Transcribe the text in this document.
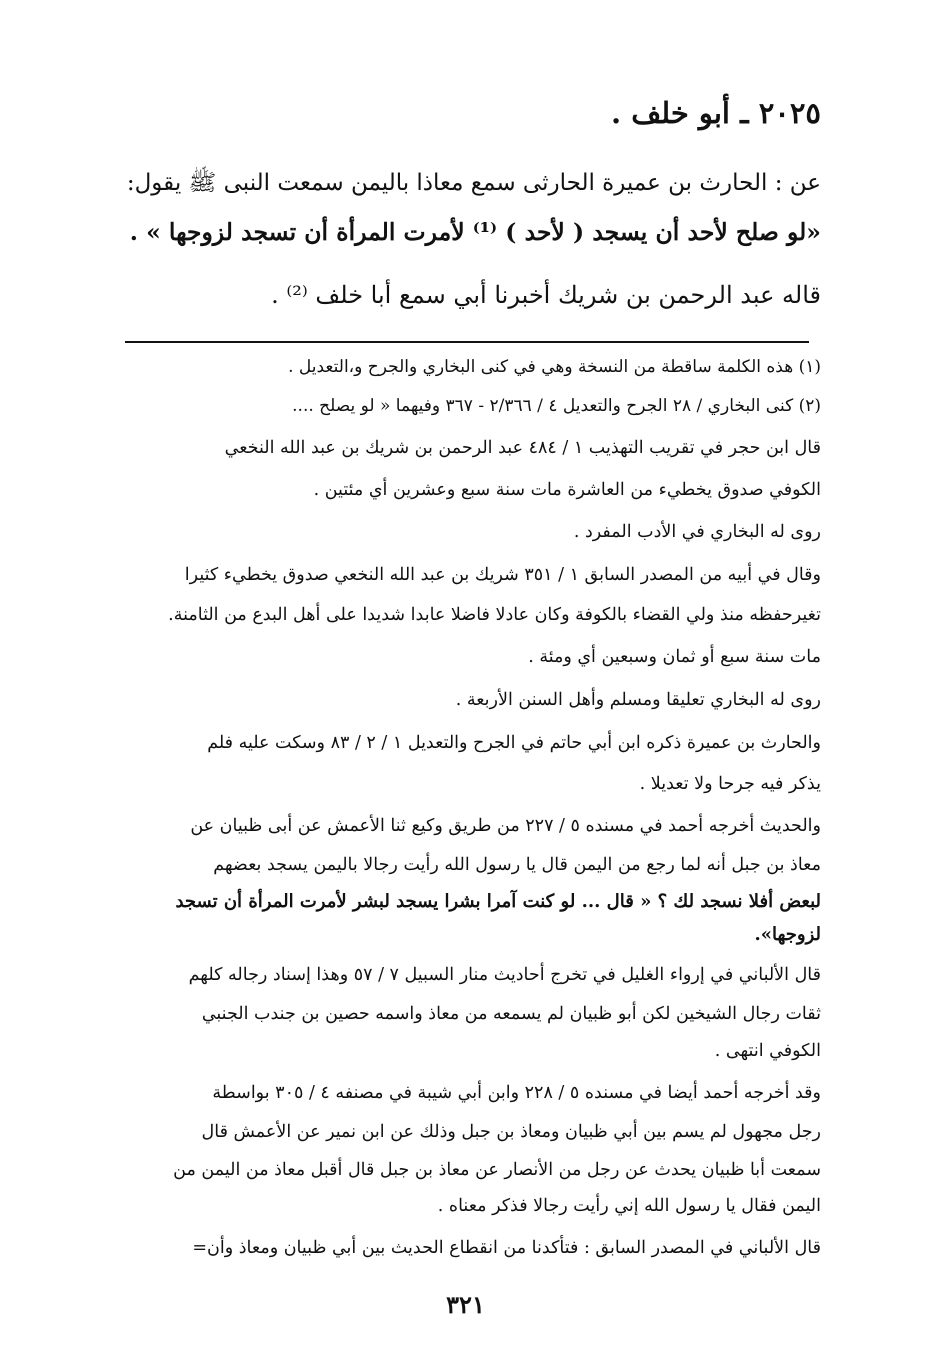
٢٠٢٥ ـ أبو خلف .

عن : الحارث بن عميرة الحارثى سمع معاذا باليمن سمعت النبى ﷺ يقول:

«لو صلح لأحد أن يسجد ( لأحد ) ⁽¹⁾ لأمرت المرأة أن تسجد لزوجها » .

قاله عبد الرحمن بن شريك أخبرنا أبي سمع أبا خلف ⁽²⁾ .

(١) هذه الكلمة ساقطة من النسخة وهي في كنى البخاري والجرح و،التعديل .

(٢) كنى البخاري / ٢٨ الجرح والتعديل ٤ / ٢/٣٦٦ - ٣٦٧ وفيهما « لو يصلح ....

قال ابن حجر في تقريب التهذيب ١ / ٤٨٤ عبد الرحمن بن شريك بن عبد الله النخعي

الكوفي صدوق يخطيء من العاشرة مات سنة سبع وعشرين أي مئتين .

روى له البخاري في الأدب المفرد .

وقال في أبيه من المصدر السابق ١ / ٣٥١ شريك بن عبد الله النخعي صدوق يخطيء كثيرا

تغيرحفظه منذ ولي القضاء بالكوفة وكان عادلا فاضلا عابدا شديدا على أهل البدع من الثامنة.

مات سنة سبع أو ثمان وسبعين أي ومئة .

روى له البخاري تعليقا ومسلم وأهل السنن الأربعة .

والحارث بن عميرة ذكره ابن أبي حاتم في الجرح والتعديل ١ / ٢ / ٨٣ وسكت عليه فلم

يذكر فيه جرحا ولا تعديلا .

والحديث أخرجه أحمد في مسنده ٥ / ٢٢٧ من طريق وكيع ثنا الأعمش عن أبى ظبيان عن

معاذ بن جبل أنه لما رجع من اليمن قال يا رسول الله رأيت رجالا باليمن يسجد بعضهم

لبعض أفلا نسجد لك ؟ « قال ... لو كنت آمرا بشرا يسجد لبشر لأمرت المرأة أن تسجد

لزوجها».

قال الألباني في إرواء الغليل في تخرج أحاديث منار السبيل ٧ / ٥٧ وهذا إسناد رجاله كلهم

ثقات رجال الشيخين لكن أبو ظبيان لم يسمعه من معاذ واسمه حصين بن جندب الجنبي

الكوفي انتهى .

وقد أخرجه أحمد أيضا في مسنده ٥ / ٢٢٨ وابن أبي شيبة في مصنفه ٤ / ٣٠٥ بواسطة

رجل مجهول لم يسم بين أبي ظبيان ومعاذ بن جبل وذلك عن ابن نمير عن الأعمش قال

سمعت أبا ظبيان يحدث عن رجل من الأنصار عن معاذ بن جبل قال أقبل معاذ من اليمن من

اليمن فقال يا رسول الله إني رأيت رجالا فذكر معناه .

قال الألباني في المصدر السابق : فتأكدنا من انقطاع الحديث بين أبي ظبيان ومعاذ وأن=

٣٢١
